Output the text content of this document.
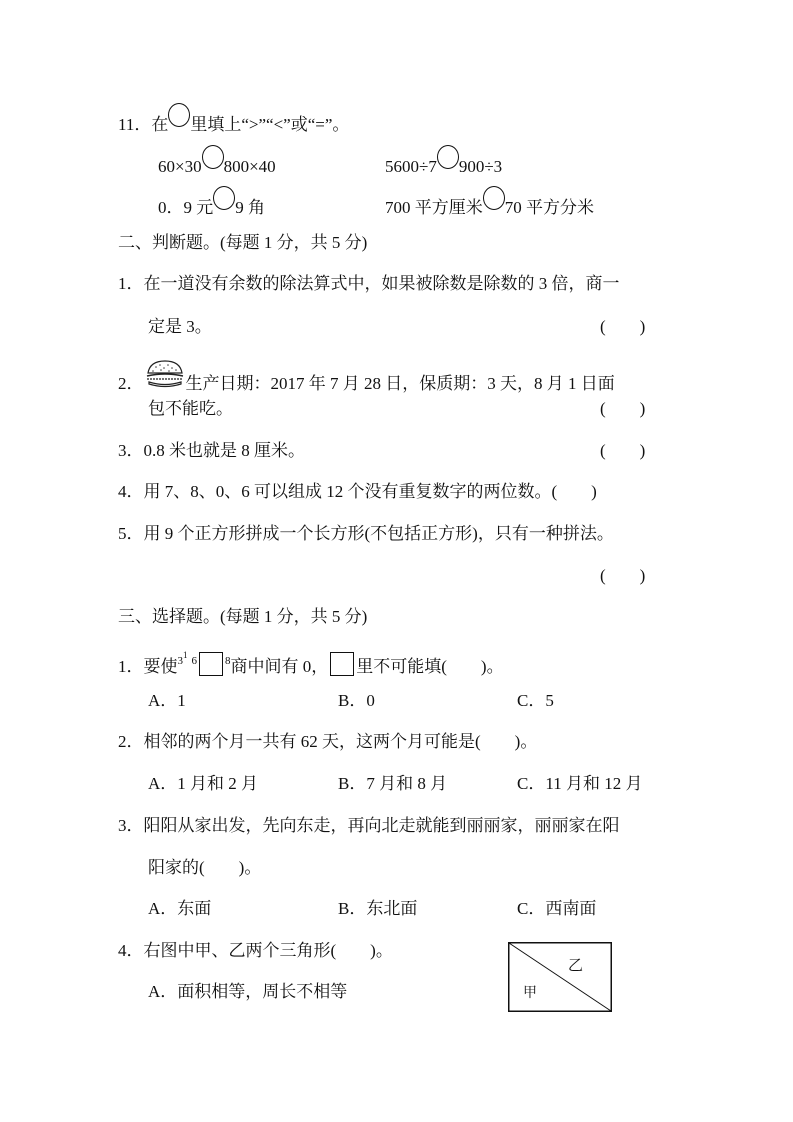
11．在 里填上“>”“<”或“=”。
60×30 800×40	5600÷7 900÷3
0．9 元 9 角	700 平方厘米 70 平方分米
二、判断题。(每题 1 分，共 5 分)
1．在一道没有余数的除法算式中，如果被除数是除数的 3 倍，商一
定是 3。	(　　)
2． 生产日期：2017 年 7 月 28 日，保质期：3 天，8 月 1 日面
包不能吃。	(　　)
3．0.8 米也就是 8 厘米。	(　　)
4．用 7、8、0、6 可以组成 12 个没有重复数字的两位数。(　　)
5．用 9 个正方形拼成一个长方形(不包括正方形)，只有一种拼法。
(　　)
三、选择题。(每题 1 分，共 5 分)
1．要使$^{31}$ $^6$	$^8$商中间有 0， 里不可能填(　　)。
A．1	B．0	C．5
2．相邻的两个月一共有 62 天，这两个月可能是(　　)。
A．1 月和 2 月	B．7 月和 8 月	C．11 月和 12 月
3．阳阳从家出发，先向东走，再向北走就能到丽丽家，丽丽家在阳
阳家的(　　)。
A．东面	B．东北面	C．西南面
4．右图中甲、乙两个三角形(　　)。
A．面积相等，周长不相等
乙
甲
